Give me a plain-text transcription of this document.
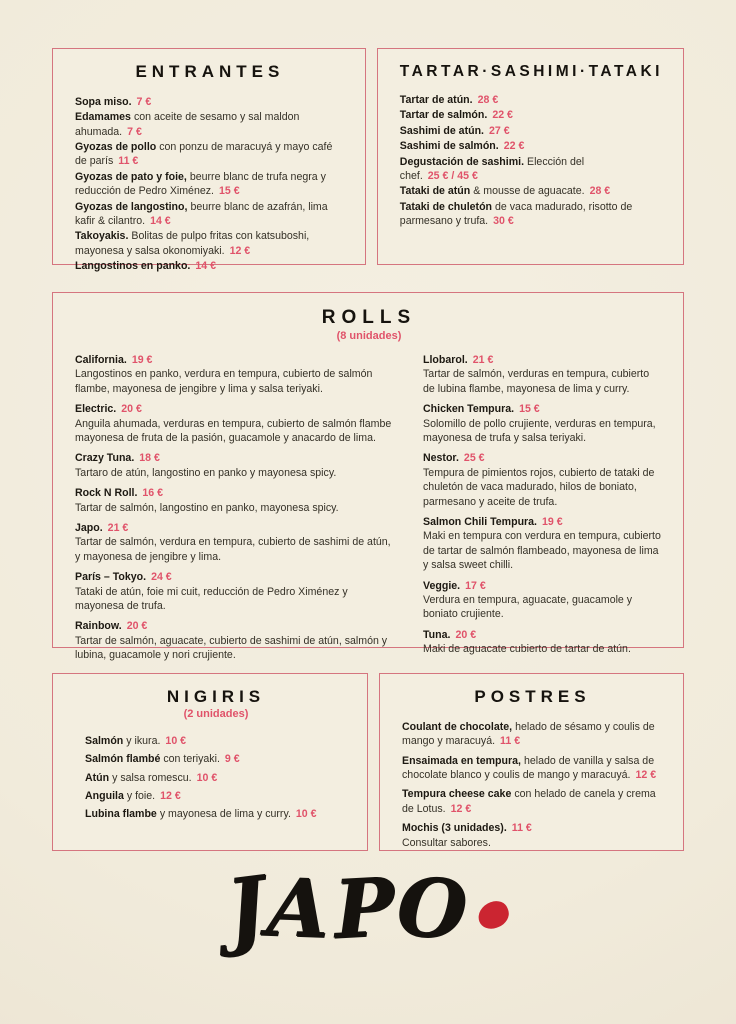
ENTRANTES
Sopa miso. 7 €
Edamames con aceite de sesamo y sal maldon ahumada. 7 €
Gyozas de pollo con ponzu de maracuyá y mayo café de parís 11 €
Gyozas de pato y foie, beurre blanc de trufa negra y reducción de Pedro Ximénez. 15 €
Gyozas de langostino, beurre blanc de azafrán, lima kafir & cilantro. 14 €
Takoyakis. Bolitas de pulpo fritas con katsuboshi, mayonesa y salsa okonomiyaki. 12 €
Langostinos en panko. 14 €
TARTAR·SASHIMI·TATAKI
Tartar de atún. 28 €
Tartar de salmón. 22 €
Sashimi de atún. 27 €
Sashimi de salmón. 22 €
Degustación de sashimi. Elección del chef. 25 € / 45 €
Tataki de atún & mousse de aguacate. 28 €
Tataki de chuletón de vaca madurado, risotto de parmesano y trufa. 30 €
ROLLS
(8 unidades)
California. 19 €
Langostinos en panko, verdura en tempura, cubierto de salmón flambe, mayonesa de jengibre y lima y salsa teriyaki.
Electric. 20 €
Anguila ahumada, verduras en tempura, cubierto de salmón flambe mayonesa de fruta de la pasión, guacamole y anacardo de lima.
Crazy Tuna. 18 €
Tartaro de atún, langostino en panko y mayonesa spicy.
Rock N Roll. 16 €
Tartar de salmón, langostino en panko, mayonesa spicy.
Japo. 21 €
Tartar de salmón, verdura en tempura, cubierto de sashimi de atún, y mayonesa de jengibre y lima.
París – Tokyo. 24 €
Tataki de atún, foie mi cuit, reducción de Pedro Ximénez y mayonesa de trufa.
Rainbow. 20 €
Tartar de salmón, aguacate, cubierto de sashimi de atún, salmón y lubina, guacamole y nori crujiente.
Llobarol. 21 €
Tartar de salmón, verduras en tempura, cubierto de lubina flambe, mayonesa de lima y curry.
Chicken Tempura. 15 €
Solomillo de pollo crujiente, verduras en tempura, mayonesa de trufa y salsa teriyaki.
Nestor. 25 €
Tempura de pimientos rojos, cubierto de tataki de chuletón de vaca madurado, hilos de boniato, parmesano y aceite de trufa.
Salmon Chili Tempura. 19 €
Maki en tempura con verdura en tempura, cubierto de tartar de salmón flambeado, mayonesa de lima y salsa sweet chilli.
Veggie. 17 €
Verdura en tempura, aguacate, guacamole y boniato crujiente.
Tuna. 20 €
Maki de aguacate cubierto de tartar de atún.
NIGIRIS
(2 unidades)
Salmón y ikura. 10 €
Salmón flambé con teriyaki. 9 €
Atún y salsa romescu. 10 €
Anguila y foie. 12 €
Lubina flambe y mayonesa de lima y curry. 10 €
POSTRES
Coulant de chocolate, helado de sésamo y coulis de mango y maracuyá. 11 €
Ensaimada en tempura, helado de vanilla y salsa de chocolate blanco y coulis de mango y maracuyá. 12 €
Tempura cheese cake con helado de canela y crema de Lotus. 12 €
Mochis (3 unidades). 11 €
Consultar sabores.
JAPO
